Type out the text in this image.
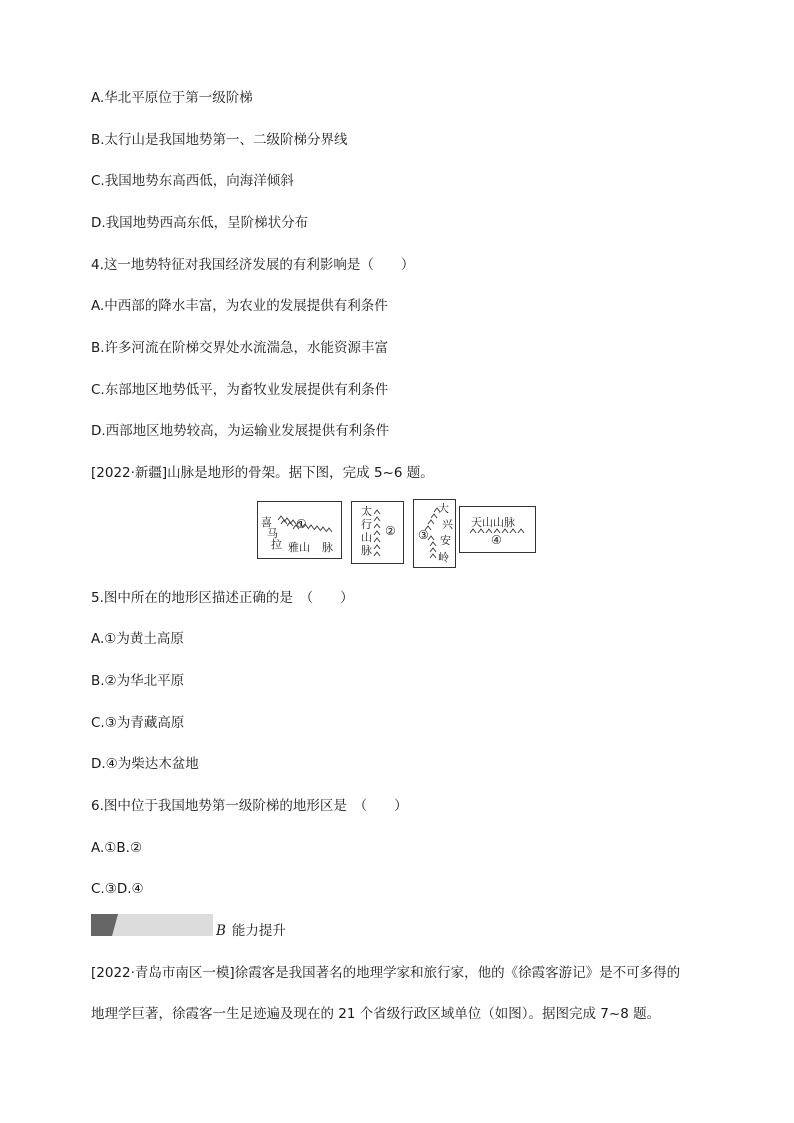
A.华北平原位于第一级阶梯
B.太行山是我国地势第一、二级阶梯分界线
C.我国地势东高西低，向海洋倾斜
D.我国地势西高东低，呈阶梯状分布
4.这一地势特征对我国经济发展的有利影响是（　　）
A.中西部的降水丰富，为农业的发展提供有利条件
B.许多河流在阶梯交界处水流湍急，水能资源丰富
C.东部地区地势低平，为畜牧业发展提供有利条件
D.西部地区地势较高，为运输业发展提供有利条件
[2022·新疆]山脉是地形的骨架。据下图，完成 5~6 题。
喜
马
拉 雅山 脉
①
太
行
山
脉
②
大
兴
安
岭
③
天山山脉
④
5.图中所在的地形区描述正确的是　（　　）
A.①为黄土高原
B.②为华北平原
C.③为青藏高原
D.④为柴达木盆地
6.图中位于我国地势第一级阶梯的地形区是　（　　）
A.①B.②
C.③D.④
B 能力提升
[2022·青岛市南区一模]徐霞客是我国著名的地理学家和旅行家，他的《徐霞客游记》是不可多得的
地理学巨著，徐霞客一生足迹遍及现在的 21 个省级行政区域单位（如图）。据图完成 7~8 题。
